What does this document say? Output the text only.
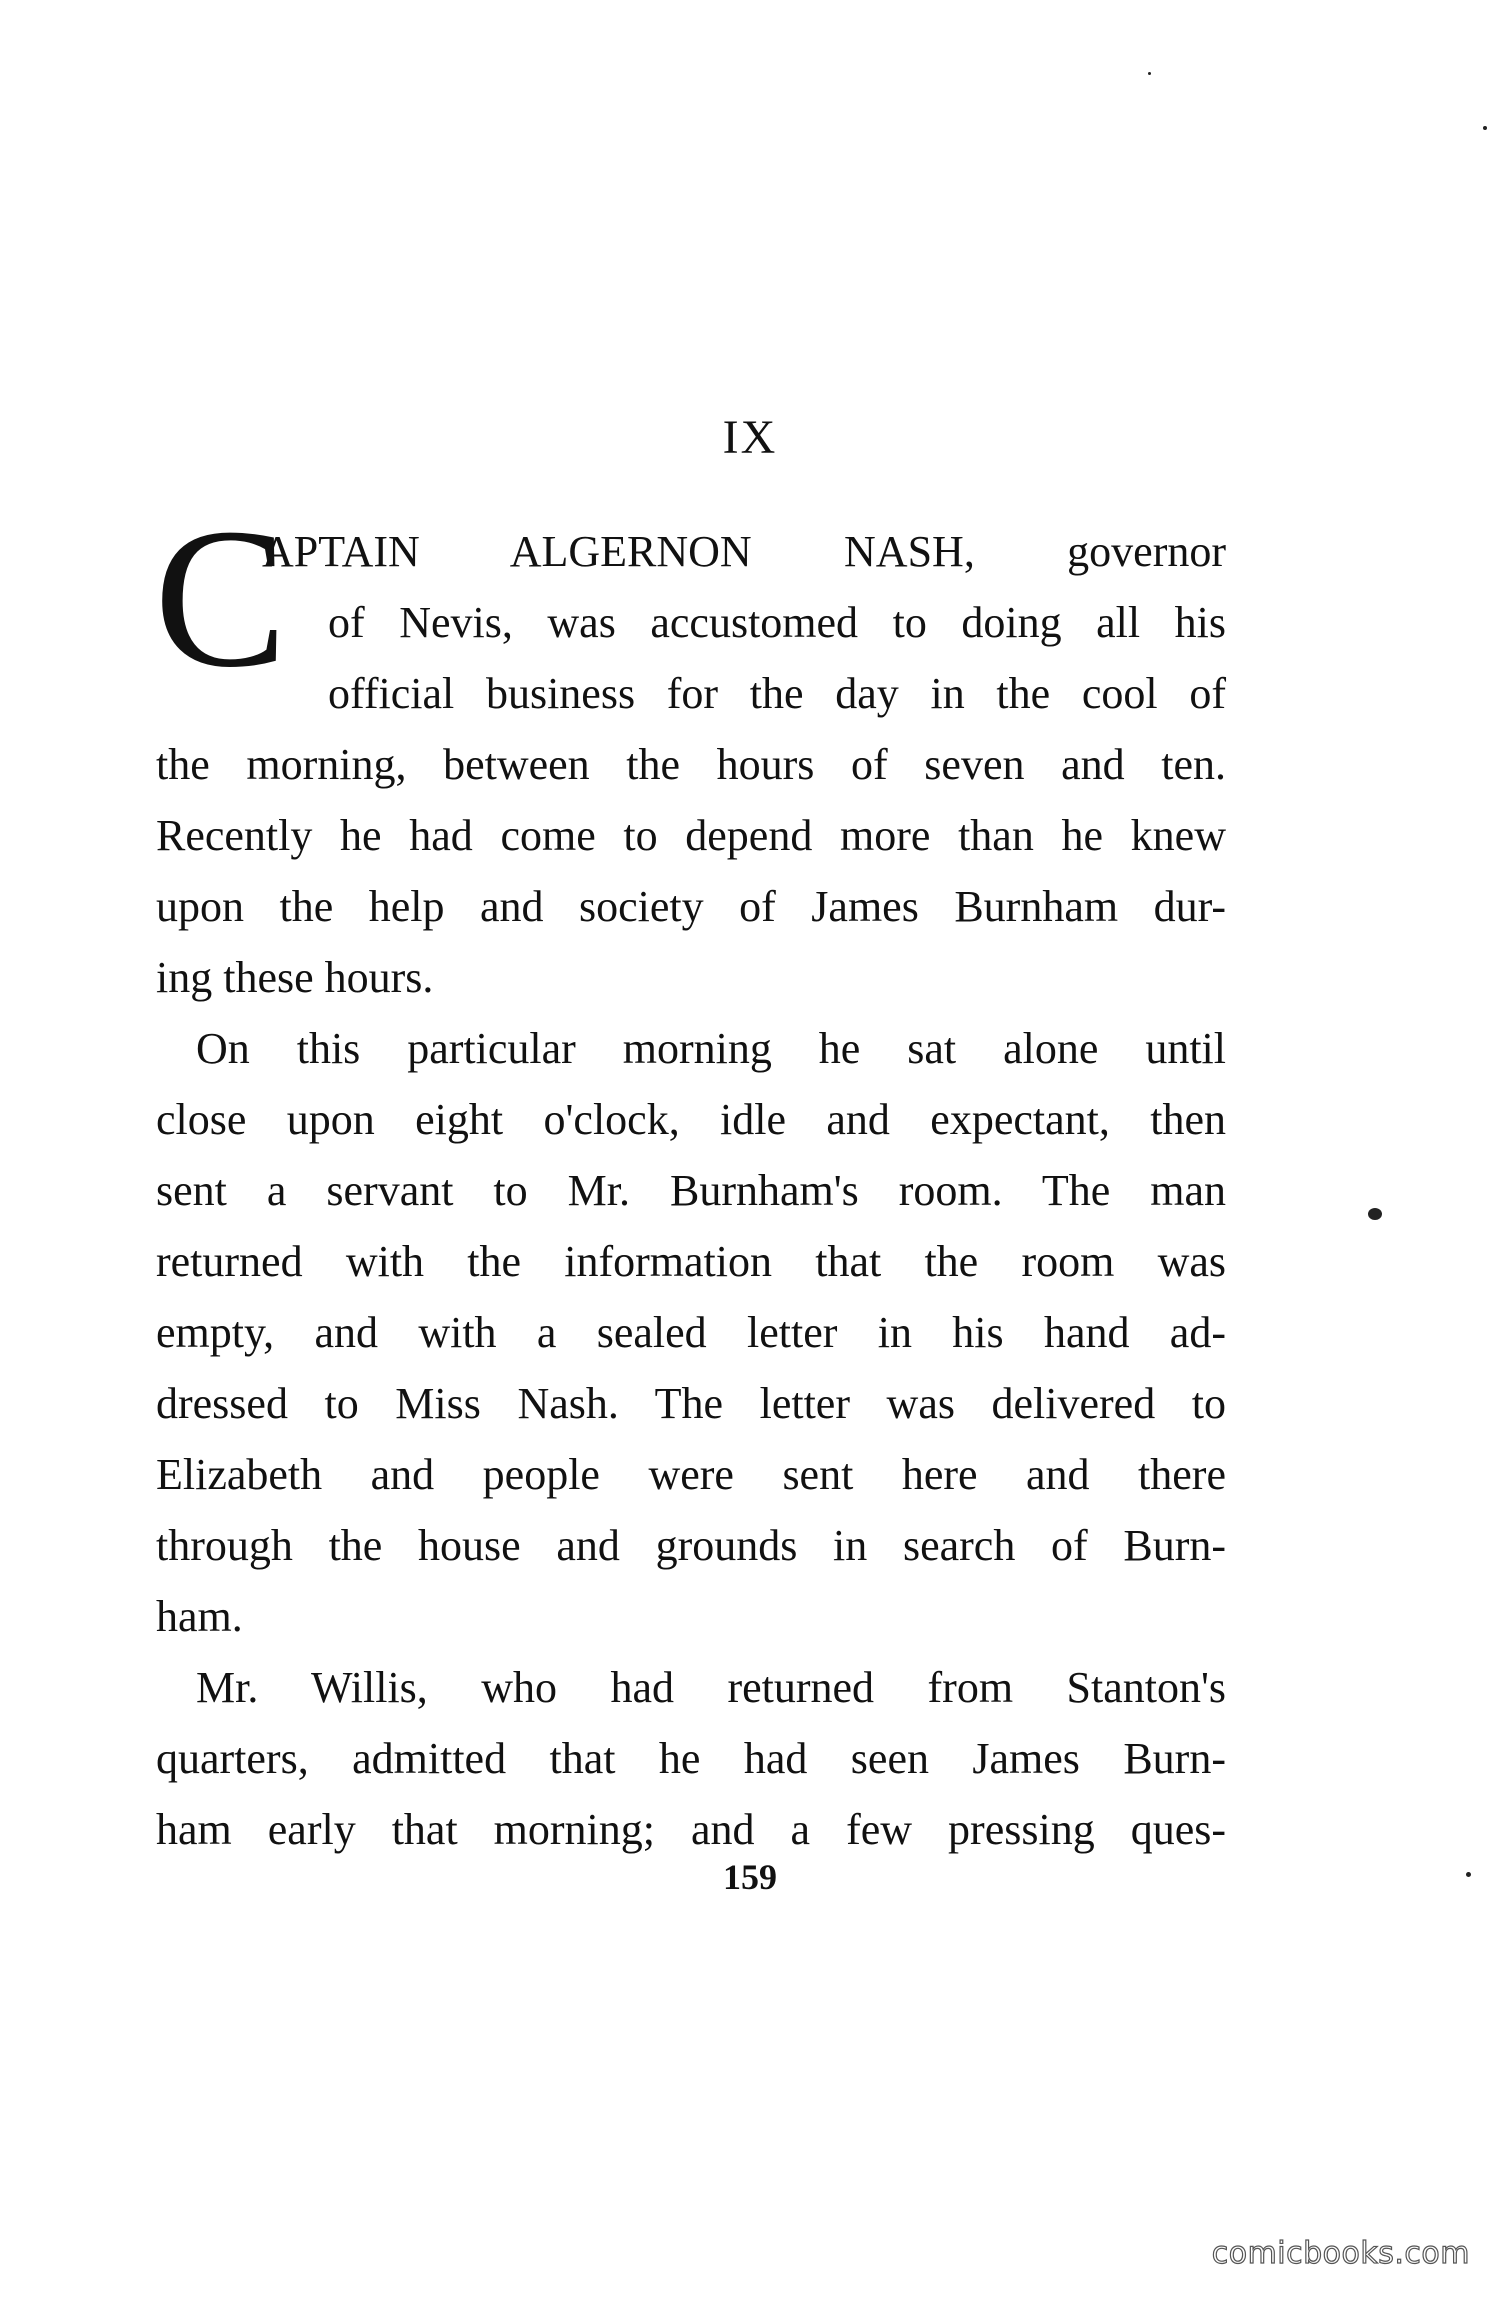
IX
C
APTAIN ALGERNON NASH, governor
of Nevis, was accustomed to doing all his
official business for the day in the cool of
the morning, between the hours of seven and ten.
Recently he had come to depend more than he knew
upon the help and society of James Burnham dur-
ing these hours.
On this particular morning he sat alone until
close upon eight o'clock, idle and expectant, then
sent a servant to Mr. Burnham's room. The man
returned with the information that the room was
empty, and with a sealed letter in his hand ad-
dressed to Miss Nash. The letter was delivered to
Elizabeth and people were sent here and there
through the house and grounds in search of Burn-
ham.
Mr. Willis, who had returned from Stanton's
quarters, admitted that he had seen James Burn-
ham early that morning; and a few pressing ques-
159
comicbooks.com
